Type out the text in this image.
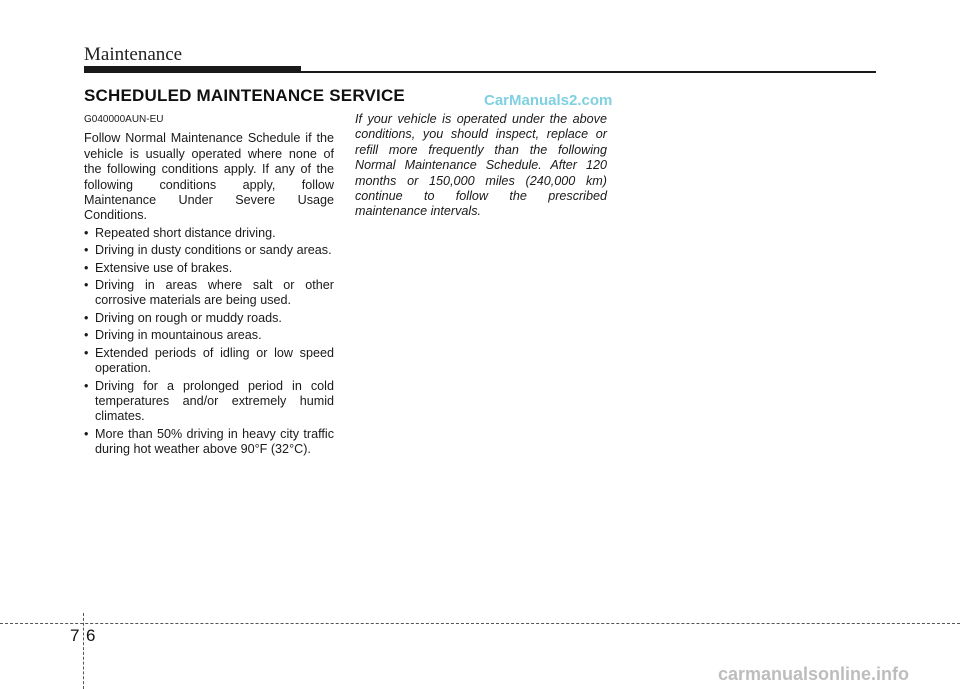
Maintenance
SCHEDULED MAINTENANCE SERVICE	CarManuals2.com
G040000AUN-EU
Follow Normal Maintenance Schedule if the vehicle is usually operated where none of the following conditions apply. If any of the following conditions apply, follow Maintenance Under Severe Usage Conditions.
• Repeated short distance driving.
• Driving in dusty conditions or sandy areas.
• Extensive use of brakes.
• Driving in areas where salt or other corrosive materials are being used.
• Driving on rough or muddy roads.
• Driving in mountainous areas.
• Extended periods of idling or low speed operation.
• Driving for a prolonged period in cold temperatures and/or extremely humid climates.
• More than 50% driving in heavy city traffic during hot weather above 90°F (32°C).
If your vehicle is operated under the above conditions, you should inspect, replace or refill more frequently than the following Normal Maintenance Schedule. After 120 months or 150,000 miles (240,000 km) continue to follow the prescribed maintenance intervals.
7 6
carmanualsonline.info
